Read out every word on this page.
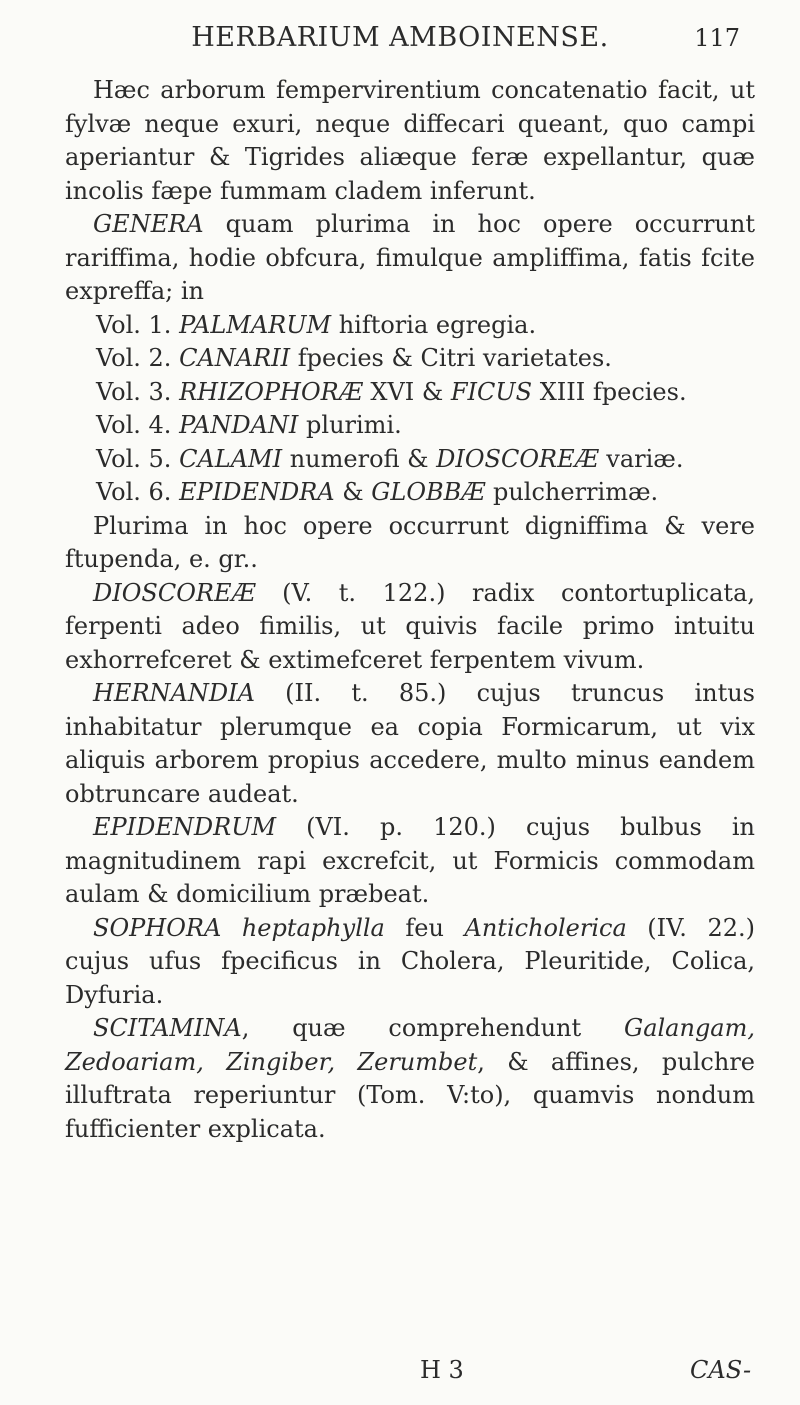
HERBARIUM AMBOINENSE.	117

Hæc arborum fempervirentium concatenatio facit, ut fylvæ neque exuri, neque diffecari queant, quo campi aperiantur & Tigrides aliæque feræ expellantur, quæ incolis fæpe fummam cladem inferunt.

GENERA quam plurima in hoc opere occurrunt rariffima, hodie obfcura, fimulque ampliffima, fatis fcite expreffa; in

Vol. 1. PALMARUM hiftoria egregia.
Vol. 2. CANARII fpecies & Citri varietates.
Vol. 3. RHIZOPHORÆ XVI & FICUS XIII fpecies.
Vol. 4. PANDANI plurimi.
Vol. 5. CALAMI numerofi & DIOSCOREÆ variæ.
Vol. 6. EPIDENDRA & GLOBBÆ pulcherrimæ.

Plurima in hoc opere occurrunt digniffima & vere ftupenda, e. gr..

DIOSCOREÆ (V. t. 122.) radix contortuplicata, ferpenti adeo fimilis, ut quivis facile primo intuitu exhorrefceret & extimefceret ferpentem vivum.

HERNANDIA (II. t. 85.) cujus truncus intus inhabitatur plerumque ea copia Formicarum, ut vix aliquis arborem propius accedere, multo minus eandem obtruncare audeat.

EPIDENDRUM (VI. p. 120.) cujus bulbus in magnitudinem rapi excrefcit, ut Formicis commodam aulam & domicilium præbeat.

SOPHORA heptaphylla feu Anticholerica (IV. 22.) cujus ufus fpecificus in Cholera, Pleuritide, Colica, Dyfuria.

SCITAMINA, quæ comprehendunt Galangam, Zedoariam, Zingiber, Zerumbet, & affines, pulchre illuftrata reperiuntur (Tom. V:to), quamvis nondum fufficienter explicata.

H 3	CAS-
